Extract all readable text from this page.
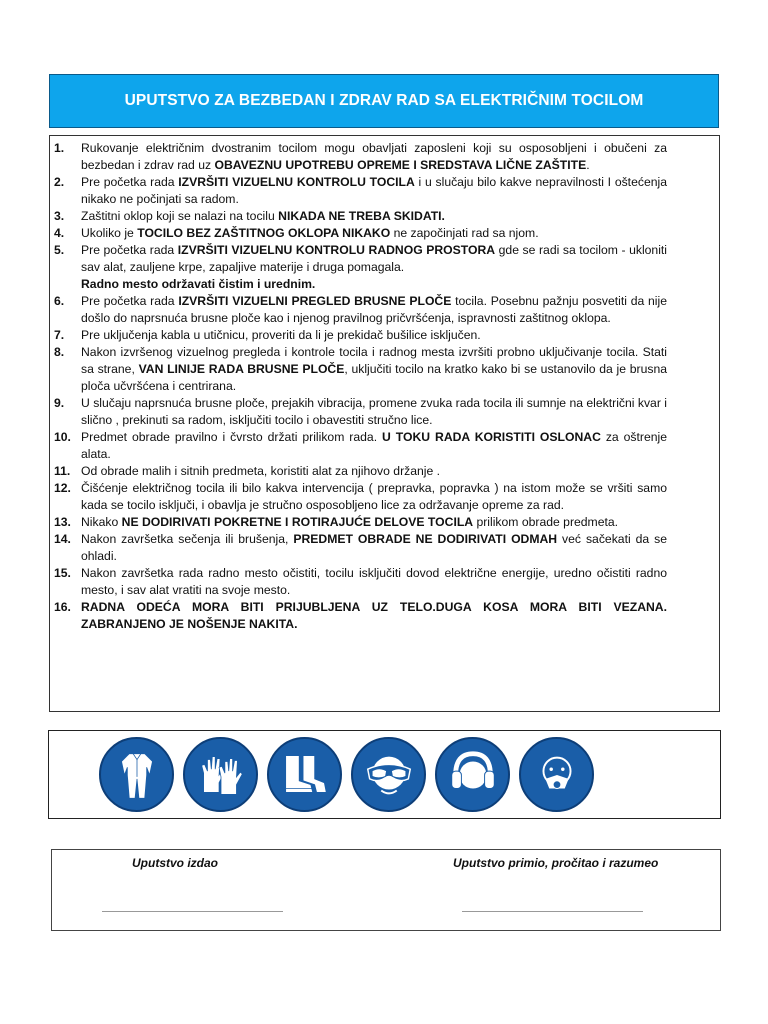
UPUTSTVO ZA BEZBEDAN I ZDRAV RAD SA ELEKTRIČNIM TOCILOM
1. Rukovanje električnim dvostranim tocilom mogu obavljati zaposleni koji su osposobljeni i obučeni za bezbedan i zdrav rad uz OBAVEZNU UPOTREBU OPREME I SREDSTAVA LIČNE ZAŠTITE.
2. Pre početka rada IZVRŠITI VIZUELNU KONTROLU TOCILA i u slučaju bilo kakve nepravilnosti I oštećenja nikako ne počinjati sa radom.
3. Zaštitni oklop koji se nalazi na tocilu NIKADA NE TREBA SKIDATI.
4. Ukoliko je TOCILO BEZ ZAŠTITNOG OKLOPA NIKAKO ne započinjati rad sa njom.
5. Pre početka rada IZVRŠITI VIZUELNU KONTROLU RADNOG PROSTORA gde se radi sa tocilom - ukloniti sav alat, zauljene krpe, zapaljive materije i druga pomagala.
Radno mesto održavati čistim i urednim.
6. Pre početka rada IZVRŠITI VIZUELNI PREGLED BRUSNE PLOČE tocila. Posebnu pažnju posvetiti da nije došlo do naprsnuća brusne ploče kao i njenog pravilnog pričvršćenja, ispravnosti zaštitnog oklopa.
7. Pre uključenja kabla u utičnicu, proveriti da li je prekidač bušilice isključen.
8. Nakon izvršenog vizuelnog pregleda i kontrole tocila i radnog mesta izvršiti probno uključivanje tocila. Stati sa strane, VAN LINIJE RADA BRUSNE PLOČE, uključiti tocilo na kratko kako bi se ustanovilo da je brusna ploča učvršćena i centrirana.
9. U slučaju naprsnuća brusne ploče, prejakih vibracija, promene zvuka rada tocila ili sumnje na električni kvar i slično , prekinuti sa radom, isključiti tocilo i obavestiti stručno lice.
10. Predmet obrade pravilno i čvrsto držati prilikom rada. U TOKU RADA KORISTITI OSLONAC za oštrenje alata.
11. Od obrade malih i sitnih predmeta, koristiti alat za njihovo držanje .
12. Čišćenje električnog tocila ili bilo kakva intervencija ( prepravka, popravka ) na istom može se vršiti samo kada se tocilo isključi, i obavlja je stručno osposobljeno lice za održavanje opreme za rad.
13. Nikako NE DODIRIVATI POKRETNE I ROTIRAJUĆE DELOVE TOCILA prilikom obrade predmeta.
14. Nakon završetka sečenja ili brušenja, PREDMET OBRADE NE DODIRIVATI ODMAH već sačekati da se ohladi.
15. Nakon završetka rada radno mesto očistiti, tocilu isključiti dovod električne energije, uredno očistiti radno mesto, i sav alat vratiti na svoje mesto.
16. RADNA ODEĆA MORA BITI PRIJUBLJENA UZ TELO.DUGA KOSA MORA BITI VEZANA. ZABRANJENO JE NOŠENJE NAKITA.
Uputstvo izdao	Uputstvo primio, pročitao i razumeo
